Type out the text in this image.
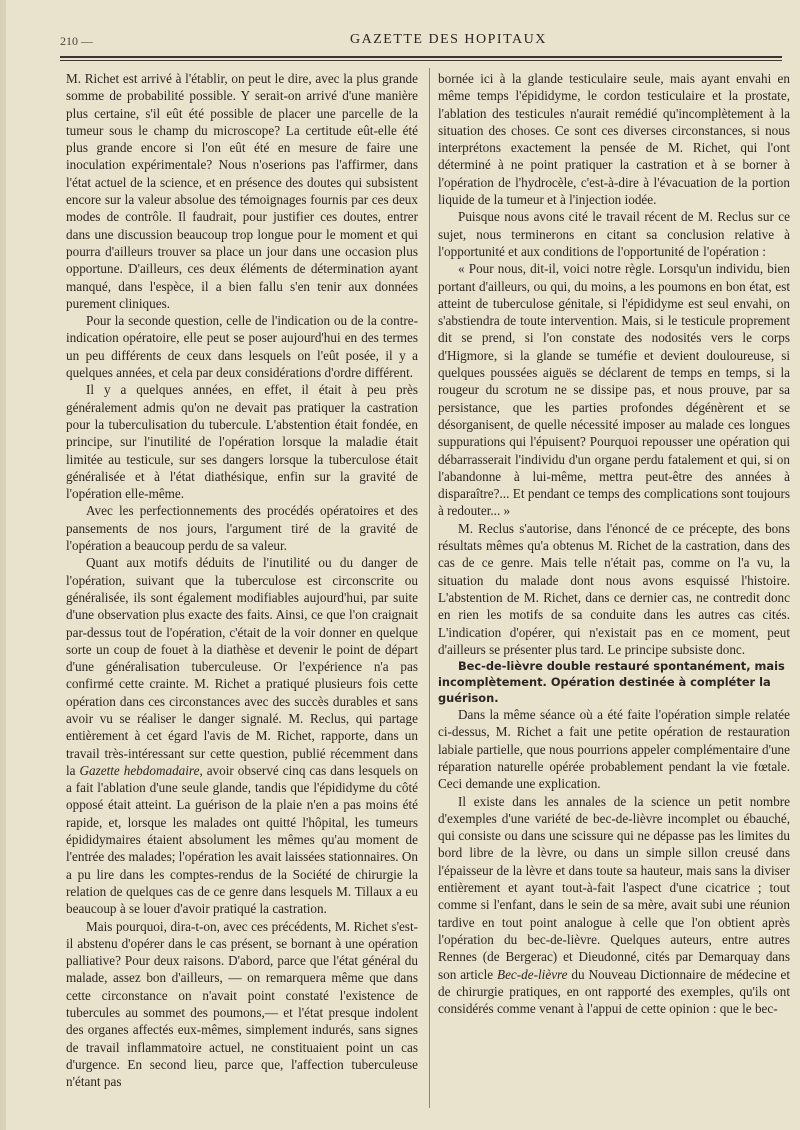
210 —	GAZETTE DES HOPITAUX

M. Richet est arrivé à l'établir, on peut le dire, avec la plus grande somme de probabilité possible. Y serait-on arrivé d'une manière plus certaine, s'il eût été possible de placer une parcelle de la tumeur sous le champ du microscope? La certitude eût-elle été plus grande encore si l'on eût été en mesure de faire une inoculation expérimentale? Nous n'oserions pas l'affirmer, dans l'état actuel de la science, et en présence des doutes qui subsistent encore sur la valeur absolue des témoignages fournis par ces deux modes de contrôle. Il faudrait, pour justifier ces doutes, entrer dans une discussion beaucoup trop longue pour le moment et qui pourra d'ailleurs trouver sa place un jour dans une occasion plus opportune. D'ailleurs, ces deux éléments de détermination ayant manqué, dans l'espèce, il a bien fallu s'en tenir aux données purement cliniques.

Pour la seconde question, celle de l'indication ou de la contre-indication opératoire, elle peut se poser aujourd'hui en des termes un peu différents de ceux dans lesquels on l'eût posée, il y a quelques années, et cela par deux considérations d'ordre différent.

Il y a quelques années, en effet, il était à peu près généralement admis qu'on ne devait pas pratiquer la castration pour la tuberculisation du tubercule. L'abstention était fondée, en principe, sur l'inutilité de l'opération lorsque la maladie était limitée au testicule, sur ses dangers lorsque la tuberculose était généralisée et à l'état diathésique, enfin sur la gravité de l'opération elle-même.

Avec les perfectionnements des procédés opératoires et des pansements de nos jours, l'argument tiré de la gravité de l'opération a beaucoup perdu de sa valeur.

Quant aux motifs déduits de l'inutilité ou du danger de l'opération, suivant que la tuberculose est circonscrite ou généralisée, ils sont également modifiables aujourd'hui, par suite d'une observation plus exacte des faits. Ainsi, ce que l'on craignait par-dessus tout de l'opération, c'était de la voir donner en quelque sorte un coup de fouet à la diathèse et devenir le point de départ d'une généralisation tuberculeuse. Or l'expérience n'a pas confirmé cette crainte. M. Richet a pratiqué plusieurs fois cette opération dans ces circonstances avec des succès durables et sans avoir vu se réaliser le danger signalé. M. Reclus, qui partage entièrement à cet égard l'avis de M. Richet, rapporte, dans un travail très-intéressant sur cette question, publié récemment dans la Gazette hebdomadaire, avoir observé cinq cas dans lesquels on a fait l'ablation d'une seule glande, tandis que l'épididyme du côté opposé était atteint. La guérison de la plaie n'en a pas moins été rapide, et, lorsque les malades ont quitté l'hôpital, les tumeurs épididymaires étaient absolument les mêmes qu'au moment de l'entrée des malades; l'opération les avait laissées stationnaires. On a pu lire dans les comptes-rendus de la Société de chirurgie la relation de quelques cas de ce genre dans lesquels M. Tillaux a eu beaucoup à se louer d'avoir pratiqué la castration.

Mais pourquoi, dira-t-on, avec ces précédents, M. Richet s'est-il abstenu d'opérer dans le cas présent, se bornant à une opération palliative? Pour deux raisons. D'abord, parce que l'état général du malade, assez bon d'ailleurs, — on remarquera même que dans cette circonstance on n'avait point constaté l'existence de tubercules au sommet des poumons,— et l'état presque indolent des organes affectés eux-mêmes, simplement indurés, sans signes de travail inflammatoire actuel, ne constituaient point un cas d'urgence. En second lieu, parce que, l'affection tuberculeuse n'étant pas

bornée ici à la glande testiculaire seule, mais ayant envahi en même temps l'épididyme, le cordon testiculaire et la prostate, l'ablation des testicules n'aurait remédié qu'incomplètement à la situation des choses. Ce sont ces diverses circonstances, si nous interprétons exactement la pensée de M. Richet, qui l'ont déterminé à ne point pratiquer la castration et à se borner à l'opération de l'hydrocèle, c'est-à-dire à l'évacuation de la portion liquide de la tumeur et à l'injection iodée.

Puisque nous avons cité le travail récent de M. Reclus sur ce sujet, nous terminerons en citant sa conclusion relative à l'opportunité et aux conditions de l'opportunité de l'opération :

« Pour nous, dit-il, voici notre règle. Lorsqu'un individu, bien portant d'ailleurs, ou qui, du moins, a les poumons en bon état, est atteint de tuberculose génitale, si l'épididyme est seul envahi, on s'abstiendra de toute intervention. Mais, si le testicule proprement dit se prend, si l'on constate des nodosités vers le corps d'Higmore, si la glande se tuméfie et devient douloureuse, si quelques poussées aiguës se déclarent de temps en temps, si la rougeur du scrotum ne se dissipe pas, et nous prouve, par sa persistance, que les parties profondes dégénèrent et se désorganisent, de quelle nécessité imposer au malade ces longues suppurations qui l'épuisent? Pourquoi repousser une opération qui débarrasserait l'individu d'un organe perdu fatalement et qui, si on l'abandonne à lui-même, mettra peut-être des années à disparaître?... Et pendant ce temps des complications sont toujours à redouter... »

M. Reclus s'autorise, dans l'énoncé de ce précepte, des bons résultats mêmes qu'a obtenus M. Richet de la castration, dans des cas de ce genre. Mais telle n'était pas, comme on l'a vu, la situation du malade dont nous avons esquissé l'histoire. L'abstention de M. Richet, dans ce dernier cas, ne contredit donc en rien les motifs de sa conduite dans les autres cas cités. L'indication d'opérer, qui n'existait pas en ce moment, peut d'ailleurs se présenter plus tard. Le principe subsiste donc.

Bec-de-lièvre double restauré spontanément, mais incomplètement. Opération destinée à compléter la guérison.

Dans la même séance où a été faite l'opération simple relatée ci-dessus, M. Richet a fait une petite opération de restauration labiale partielle, que nous pourrions appeler complémentaire d'une réparation naturelle opérée probablement pendant la vie fœtale. Ceci demande une explication.

Il existe dans les annales de la science un petit nombre d'exemples d'une variété de bec-de-lièvre incomplet ou ébauché, qui consiste ou dans une scissure qui ne dépasse pas les limites du bord libre de la lèvre, ou dans un simple sillon creusé dans l'épaisseur de la lèvre et dans toute sa hauteur, mais sans la diviser entièrement et ayant tout-à-fait l'aspect d'une cicatrice ; tout comme si l'enfant, dans le sein de sa mère, avait subi une réunion tardive en tout point analogue à celle que l'on obtient après l'opération du bec-de-lièvre. Quelques auteurs, entre autres Rennes (de Bergerac) et Dieudonné, cités par Demarquay dans son article Bec-de-lièvre du Nouveau Dictionnaire de médecine et de chirurgie pratiques, en ont rapporté des exemples, qu'ils ont considérés comme venant à l'appui de cette opinion : que le bec-
